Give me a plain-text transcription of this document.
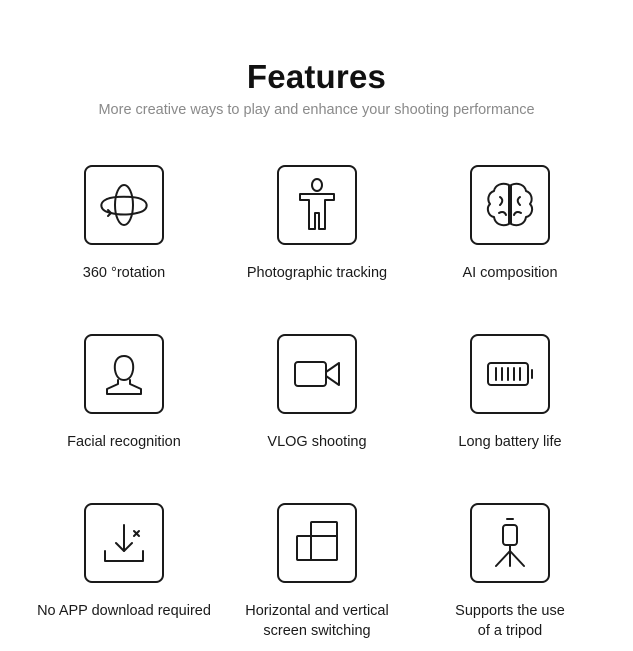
Features
More creative ways to play and enhance your shooting performance
360 °rotation	Photographic tracking	AI composition
Facial recognition	VLOG shooting	Long battery life
No APP download required	Horizontal and vertical
screen switching
Supports the use
of a tripod
